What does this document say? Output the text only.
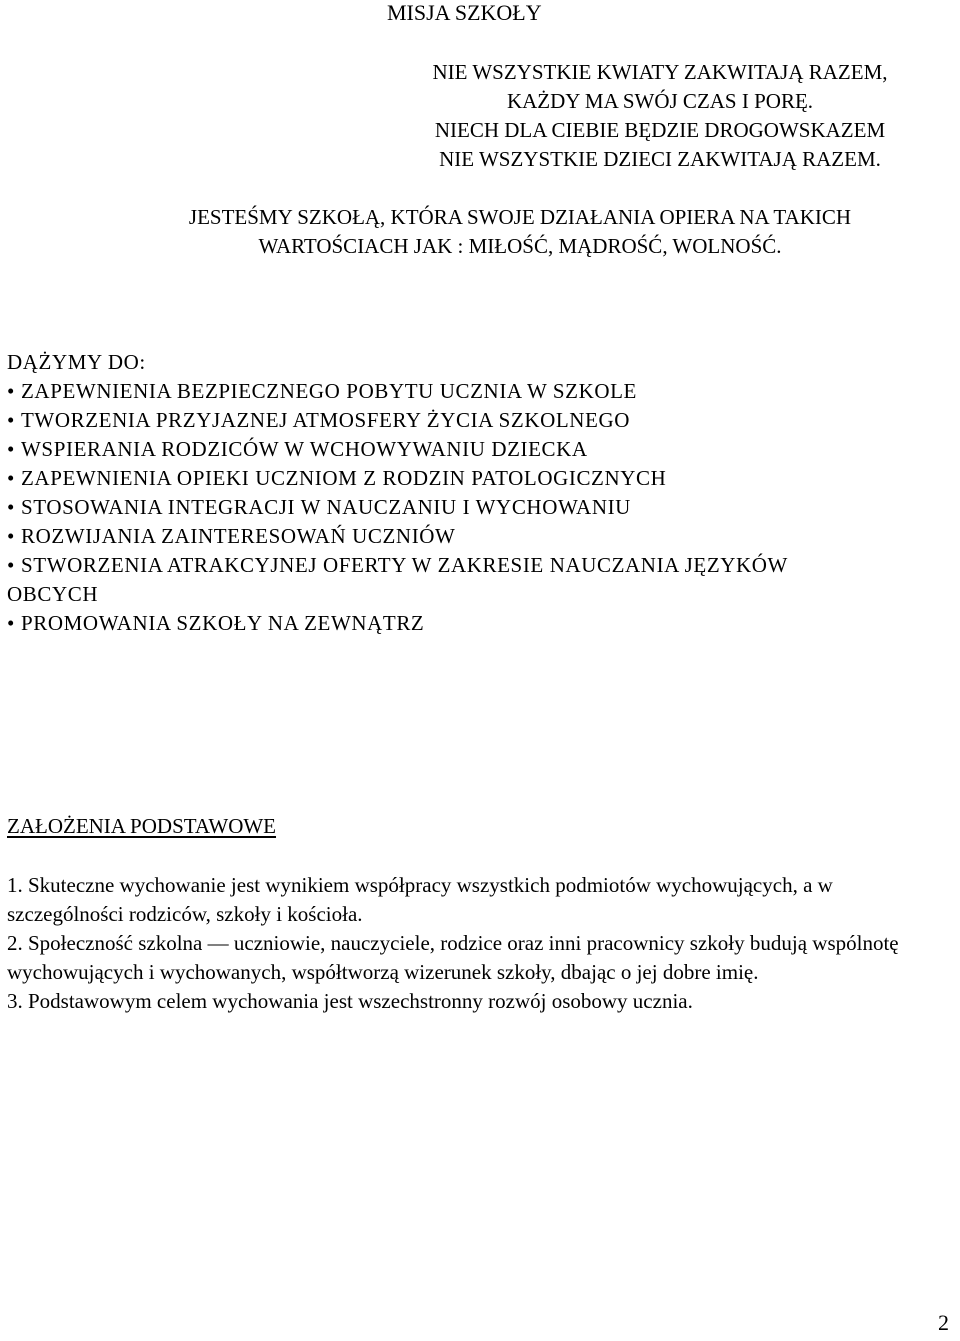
MISJA SZKOŁY
NIE WSZYSTKIE KWIATY ZAKWITAJĄ RAZEM,
KAŻDY MA SWÓJ CZAS I PORĘ.
NIECH DLA CIEBIE BĘDZIE DROGOWSKAZEM
NIE WSZYSTKIE DZIECI ZAKWITAJĄ RAZEM.
JESTEŚMY SZKOŁĄ, KTÓRA SWOJE DZIAŁANIA OPIERA NA TAKICH
WARTOŚCIACH JAK : MIŁOŚĆ, MĄDROŚĆ, WOLNOŚĆ.
DĄŻYMY DO:
• ZAPEWNIENIA BEZPIECZNEGO POBYTU UCZNIA W SZKOLE
• TWORZENIA PRZYJAZNEJ ATMOSFERY ŻYCIA SZKOLNEGO
• WSPIERANIA RODZICÓW W WCHOWYWANIU DZIECKA
• ZAPEWNIENIA OPIEKI UCZNIOM Z RODZIN PATOLOGICZNYCH
• STOSOWANIA INTEGRACJI W NAUCZANIU I WYCHOWANIU
• ROZWIJANIA ZAINTERESOWAŃ UCZNIÓW
• STWORZENIA ATRAKCYJNEJ OFERTY W ZAKRESIE NAUCZANIA JĘZYKÓW OBCYCH
• PROMOWANIA SZKOŁY NA ZEWNĄTRZ
ZAŁOŻENIA PODSTAWOWE

1. Skuteczne wychowanie jest wynikiem współpracy wszystkich podmiotów wychowujących, a w szczególności rodziców, szkoły i kościoła.

2. Społeczność szkolna — uczniowie, nauczyciele, rodzice oraz inni pracownicy szkoły budują wspólnotę wychowujących i wychowanych, współtworzą wizerunek szkoły, dbając o jej dobre imię.

3. Podstawowym celem wychowania jest wszechstronny rozwój osobowy ucznia.

2
